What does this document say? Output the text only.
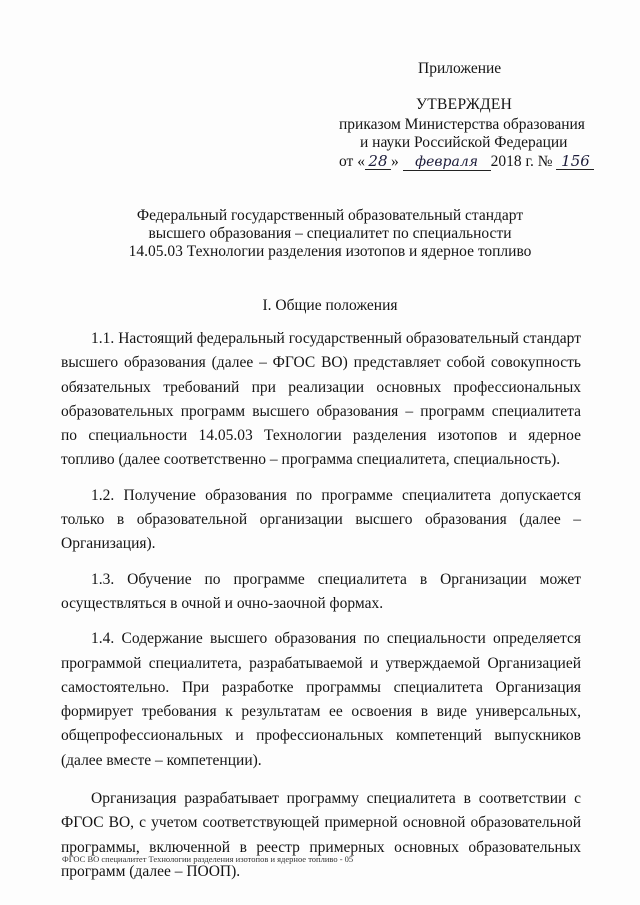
Приложение
УТВЕРЖДЕН
приказом Министерства образования
и науки Российской Федерации
от « 28 » февраля 2018 г. № 156
Федеральный государственный образовательный стандарт
высшего образования – специалитет по специальности
14.05.03 Технологии разделения изотопов и ядерное топливо
I. Общие положения

1.1. Настоящий федеральный государственный образовательный стандарт высшего образования (далее – ФГОС ВО) представляет собой совокупность обязательных требований при реализации основных профессиональных образовательных программ высшего образования – программ специалитета по специальности 14.05.03 Технологии разделения изотопов и ядерное топливо (далее соответственно – программа специалитета, специальность).

1.2. Получение образования по программе специалитета допускается только в образовательной организации высшего образования (далее – Организация).

1.3. Обучение по программе специалитета в Организации может осуществляться в очной и очно-заочной формах.

1.4. Содержание высшего образования по специальности определяется программой специалитета, разрабатываемой и утверждаемой Организацией самостоятельно. При разработке программы специалитета Организация формирует требования к результатам ее освоения в виде универсальных, общепрофессиональных и профессиональных компетенций выпускников (далее вместе – компетенции).

Организация разрабатывает программу специалитета в соответствии с ФГОС ВО, с учетом соответствующей примерной основной образовательной программы, включенной в реестр примерных основных образовательных программ (далее – ПООП).

ФГОС ВО специалитет Технологии разделения изотопов и ядерное топливо - 05
